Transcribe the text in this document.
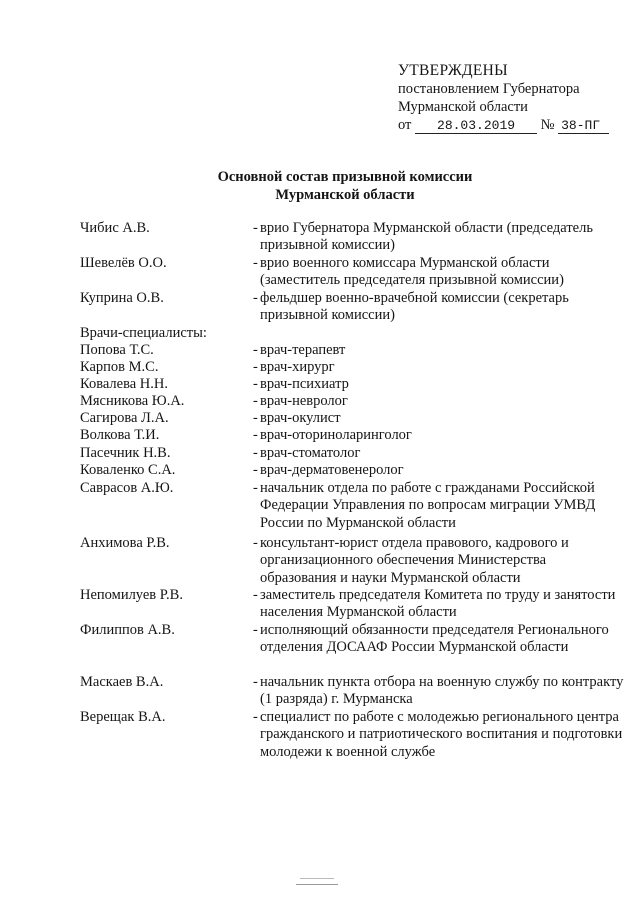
УТВЕРЖДЕНЫ
постановлением Губернатора
Мурманской области
от 28.03.2019 № 38-ПГ
Основной состав призывной комиссии
Мурманской области
Чибис А.В.	- врио Губернатора Мурманской области (председатель призывной комиссии)
Шевелёв О.О.	- врио военного комиссара Мурманской области (заместитель председателя призывной комиссии)
Куприна О.В.	- фельдшер военно-врачебной комиссии (секретарь призывной комиссии)
Врачи-специалисты:
Попова Т.С.	- врач-терапевт
Карпов М.С.	- врач-хирург
Ковалева Н.Н.	- врач-психиатр
Мясникова Ю.А.	- врач-невролог
Сагирова Л.А.	- врач-окулист
Волкова Т.И.	- врач-оториноларинголог
Пасечник Н.В.	- врач-стоматолог
Коваленко С.А.	- врач-дерматовенеролог
Саврасов А.Ю.	- начальник отдела по работе с гражданами Российской Федерации Управления по вопросам миграции УМВД России по Мурманской области
Анхимова Р.В.	- консультант-юрист отдела правового, кадрового и организационного обеспечения Министерства образования и науки Мурманской области
Непомилуев Р.В.	- заместитель председателя Комитета по труду и занятости населения Мурманской области
Филиппов А.В.	- исполняющий обязанности председателя Регионального отделения ДОСААФ России Мурманской области
Маскаев В.А.	- начальник пункта отбора на военную службу по контракту (1 разряда) г. Мурманска
Верещак В.А.	- специалист по работе с молодежью регионального центра гражданского и патриотического воспитания и подготовки молодежи к военной службе
